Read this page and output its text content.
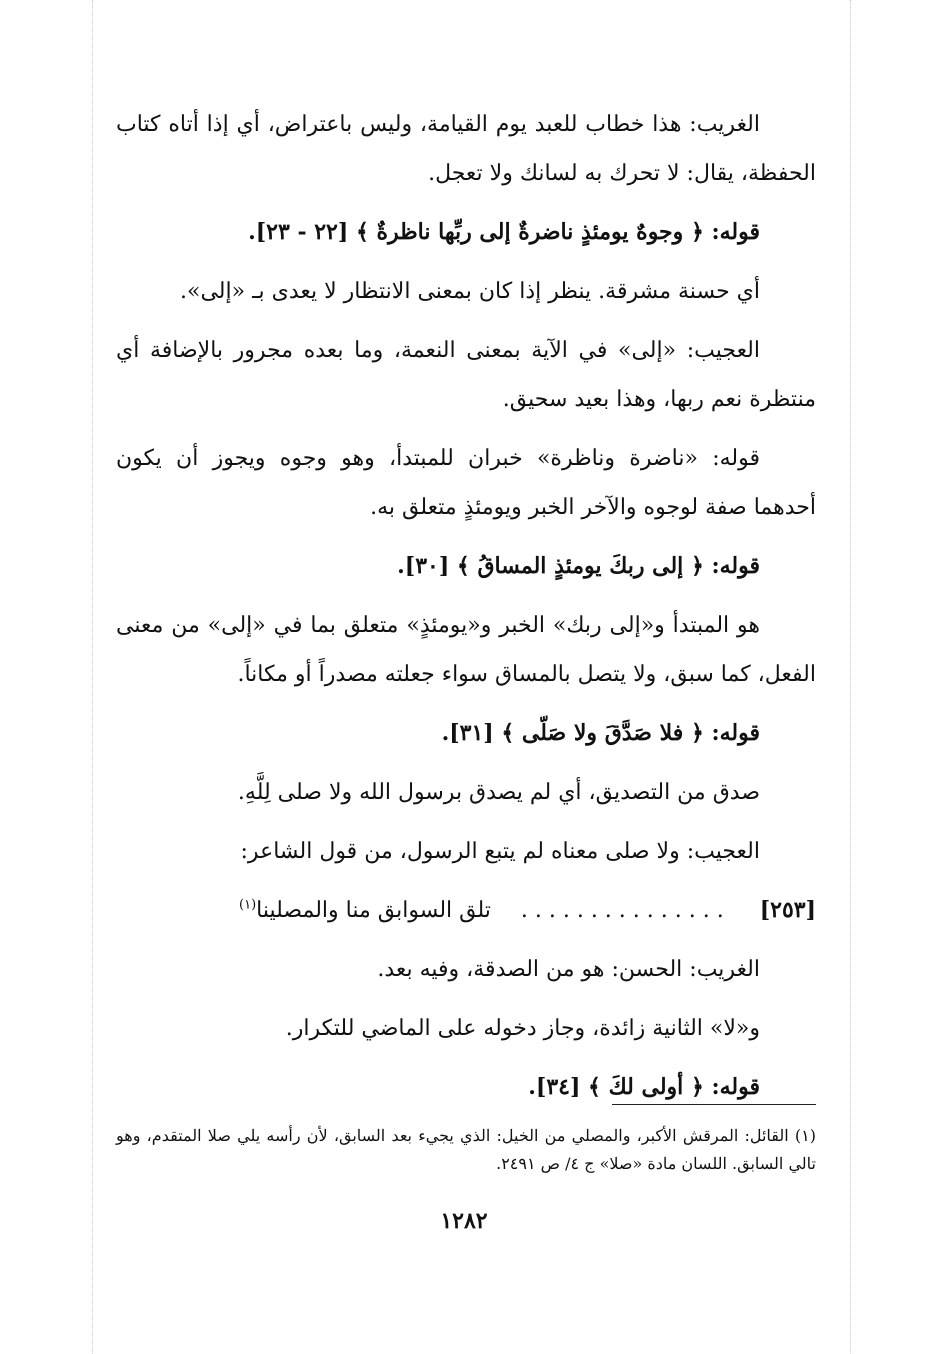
الغريب: هذا خطاب للعبد يوم القيامة، وليس باعتراض، أي إذا أتاه كتاب الحفظة، يقال: لا تحرك به لسانك ولا تعجل.

قوله: ﴿ وجوهٌ يومئذٍ ناضرةٌ إلى ربِّها ناظرةٌ ﴾ [٢٢ - ٢٣].

أي حسنة مشرقة. ينظر إذا كان بمعنى الانتظار لا يعدى بـ «إلى».

العجيب: «إلى» في الآية بمعنى النعمة، وما بعده مجرور بالإضافة أي منتظرة نعم ربها، وهذا بعيد سحيق.

قوله: «ناضرة وناظرة» خبران للمبتدأ، وهو وجوه ويجوز أن يكون أحدهما صفة لوجوه والآخر الخبر ويومئذٍ متعلق به.

قوله: ﴿ إلى ربكَ يومئذٍ المساقُ ﴾ [٣٠].

هو المبتدأ و«إلى ربك» الخبر و«يومئذٍ» متعلق بما في «إلى» من معنى الفعل، كما سبق، ولا يتصل بالمساق سواء جعلته مصدراً أو مكاناً.

قوله: ﴿ فلا صَدَّقَ ولا صَلّى ﴾ [٣١].

صدق من التصديق، أي لم يصدق برسول الله ولا صلى لِلَّهِ.

العجيب: ولا صلى معناه لم يتبع الرسول، من قول الشاعر:

[٢٥٣]
. . . . . . . . . . . . . . .
تلق السوابق منا والمصلينا$^{(١)}$

الغريب: الحسن: هو من الصدقة، وفيه بعد.

و«لا» الثانية زائدة، وجاز دخوله على الماضي للتكرار.

قوله: ﴿ أولى لكَ ﴾ [٣٤].

(١) القائل: المرقش الأكبر، والمصلي من الخيل: الذي يجيء بعد السابق، لأن رأسه يلي صلا المتقدم، وهو تالي السابق. اللسان مادة «صلا» ج ٤/ ص ٢٤٩١.
١٢٨٢
